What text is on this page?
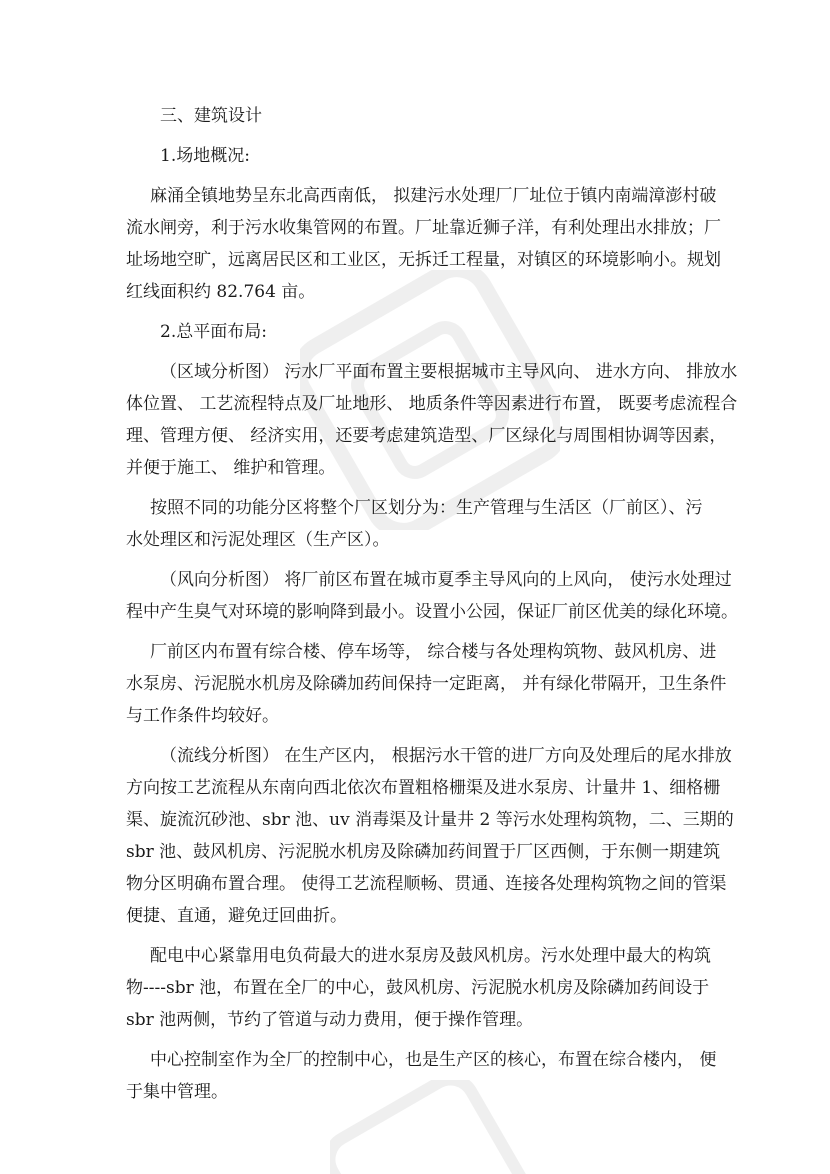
三、建筑设计

1.场地概况:

麻涌全镇地势呈东北高西南低， 拟建污水处理厂厂址位于镇内南端漳澎村破

流水闸旁，利于污水收集管网的布置。厂址靠近狮子洋，有利处理出水排放；厂

址场地空旷，远离居民区和工业区，无拆迁工程量，对镇区的环境影响小。规划

红线面积约 82.764 亩。

2.总平面布局:

（区域分析图） 污水厂平面布置主要根据城市主导风向、 进水方向、 排放水

体位置、 工艺流程特点及厂址地形、 地质条件等因素进行布置， 既要考虑流程合

理、管理方便、 经济实用，还要考虑建筑造型、厂区绿化与周围相协调等因素，

并便于施工、 维护和管理。

按照不同的功能分区将整个厂区划分为：生产管理与生活区（厂前区）、污

水处理区和污泥处理区（生产区）。

（风向分析图） 将厂前区布置在城市夏季主导风向的上风向， 使污水处理过

程中产生臭气对环境的影响降到最小。设置小公园，保证厂前区优美的绿化环境。

厂前区内布置有综合楼、停车场等， 综合楼与各处理构筑物、鼓风机房、进

水泵房、污泥脱水机房及除磷加药间保持一定距离， 并有绿化带隔开，卫生条件

与工作条件均较好。

（流线分析图） 在生产区内， 根据污水干管的进厂方向及处理后的尾水排放

方向按工艺流程从东南向西北依次布置粗格栅渠及进水泵房、计量井 1、细格栅

渠、旋流沉砂池、sbr 池、uv 消毒渠及计量井 2 等污水处理构筑物，二、三期的

sbr 池、鼓风机房、污泥脱水机房及除磷加药间置于厂区西侧，于东侧一期建筑

物分区明确布置合理。 使得工艺流程顺畅、贯通、连接各处理构筑物之间的管渠

便捷、直通，避免迂回曲折。

配电中心紧靠用电负荷最大的进水泵房及鼓风机房。污水处理中最大的构筑

物----sbr 池，布置在全厂的中心，鼓风机房、污泥脱水机房及除磷加药间设于

sbr 池两侧，节约了管道与动力费用，便于操作管理。

中心控制室作为全厂的控制中心，也是生产区的核心，布置在综合楼内， 便

于集中管理。
